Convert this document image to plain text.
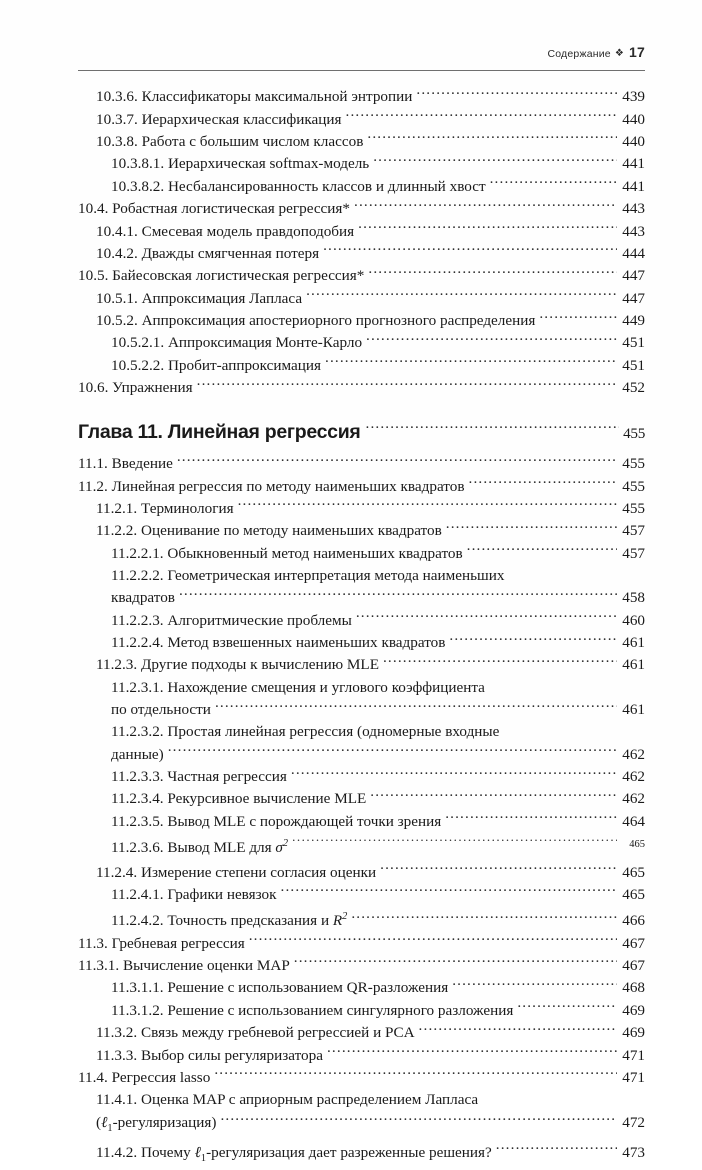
Содержание ❖ 17
10.3.6. Классификаторы максимальной энтропии .....	439
10.3.7. Иерархическая классификация .....	440
10.3.8. Работа с большим числом классов .....	440
10.3.8.1. Иерархическая softmax-модель .....	441
10.3.8.2. Несбалансированность классов и длинный хвост .....	441
10.4. Робастная логистическая регрессия* .....	443
10.4.1. Смесевая модель правдоподобия .....	443
10.4.2. Дважды смягченная потеря .....	444
10.5. Байесовская логистическая регрессия* .....	447
10.5.1. Аппроксимация Лапласа .....	447
10.5.2. Аппроксимация апостериорного прогнозного распределения .....	449
10.5.2.1. Аппроксимация Монте-Карло .....	451
10.5.2.2. Пробит-аппроксимация .....	451
10.6. Упражнения .....	452
Глава 11. Линейная регрессия .....	455
11.1. Введение .....	455
11.2. Линейная регрессия по методу наименьших квадратов .....	455
11.2.1. Терминология .....	455
11.2.2. Оценивание по методу наименьших квадратов .....	457
11.2.2.1. Обыкновенный метод наименьших квадратов .....	457
11.2.2.2. Геометрическая интерпретация метода наименьших
квадратов .....	458
11.2.2.3. Алгоритмические проблемы .....	460
11.2.2.4. Метод взвешенных наименьших квадратов .....	461
11.2.3. Другие подходы к вычислению MLE .....	461
11.2.3.1. Нахождение смещения и углового коэффициента
по отдельности .....	461
11.2.3.2. Простая линейная регрессия (одномерные входные
данные) .....	462
11.2.3.3. Частная регрессия .....	462
11.2.3.4. Рекурсивное вычисление MLE .....	462
11.2.3.5. Вывод MLE с порождающей точки зрения .....	464
11.2.3.6. Вывод MLE для $\sigma^2$ .....	465
11.2.4. Измерение степени согласия оценки .....	465
11.2.4.1. Графики невязок .....	465
11.2.4.2. Точность предсказания и $R^2$ .....	466
11.3. Гребневая регрессия .....	467
11.3.1. Вычисление оценки MAP .....	467
11.3.1.1. Решение с использованием QR-разложения .....	468
11.3.1.2. Решение с использованием сингулярного разложения .....	469
11.3.2. Связь между гребневой регрессией и PCA .....	469
11.3.3. Выбор силы регуляризатора .....	471
11.4. Регрессия lasso .....	471
11.4.1. Оценка MAP с априорным распределением Лапласа
(ℓ$_1$-регуляризация) .....	472
11.4.2. Почему ℓ$_1$-регуляризация дает разреженные решения? .....	473
